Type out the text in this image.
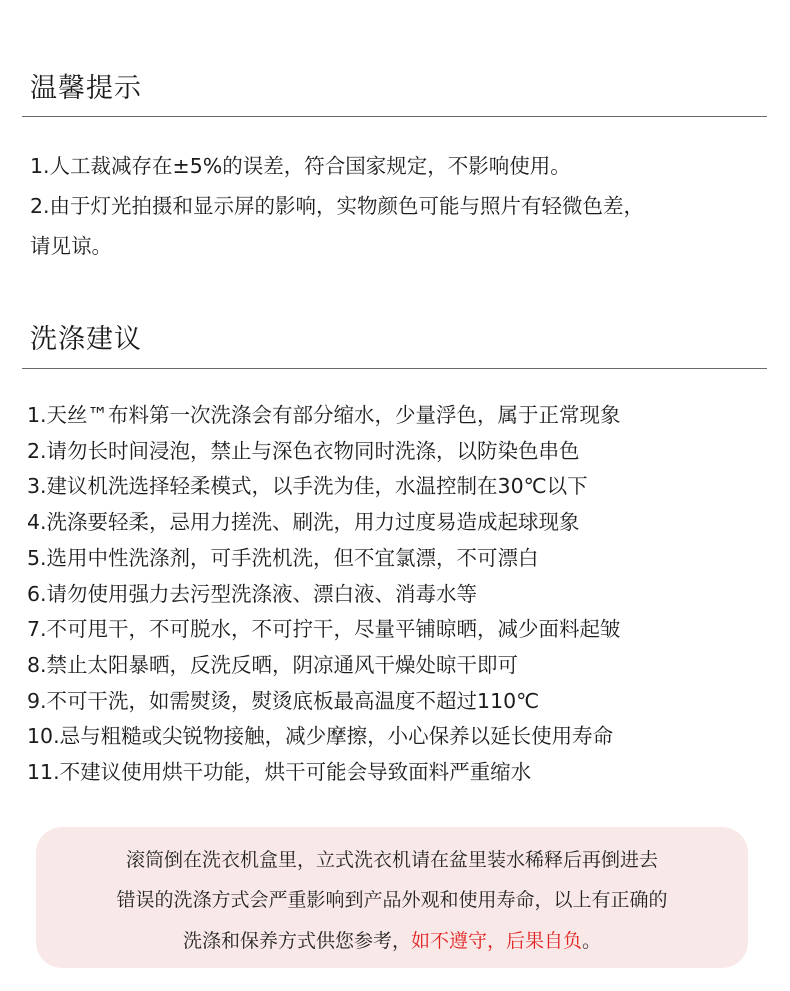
温馨提示

1.人工裁减存在±5%的误差，符合国家规定，不影响使用。

2.由于灯光拍摄和显示屏的影响，实物颜色可能与照片有轻微色差，

请见谅。

洗涤建议

1.天丝™布料第一次洗涤会有部分缩水，少量浮色，属于正常现象

2.请勿长时间浸泡，禁止与深色衣物同时洗涤，以防染色串色

3.建议机洗选择轻柔模式，以手洗为佳，水温控制在30℃以下

4.洗涤要轻柔，忌用力搓洗、刷洗，用力过度易造成起球现象

5.选用中性洗涤剂，可手洗机洗，但不宜氯漂，不可漂白

6.请勿使用强力去污型洗涤液、漂白液、消毒水等

7.不可甩干，不可脱水，不可拧干，尽量平铺晾晒，减少面料起皱

8.禁止太阳暴晒，反洗反晒，阴凉通风干燥处晾干即可

9.不可干洗，如需熨烫，熨烫底板最高温度不超过110℃

10.忌与粗糙或尖锐物接触，减少摩擦，小心保养以延长使用寿命

11.不建议使用烘干功能，烘干可能会导致面料严重缩水

滚筒倒在洗衣机盒里，立式洗衣机请在盆里装水稀释后再倒进去

错误的洗涤方式会严重影响到产品外观和使用寿命，以上有正确的

洗涤和保养方式供您参考，如不遵守，后果自负。
